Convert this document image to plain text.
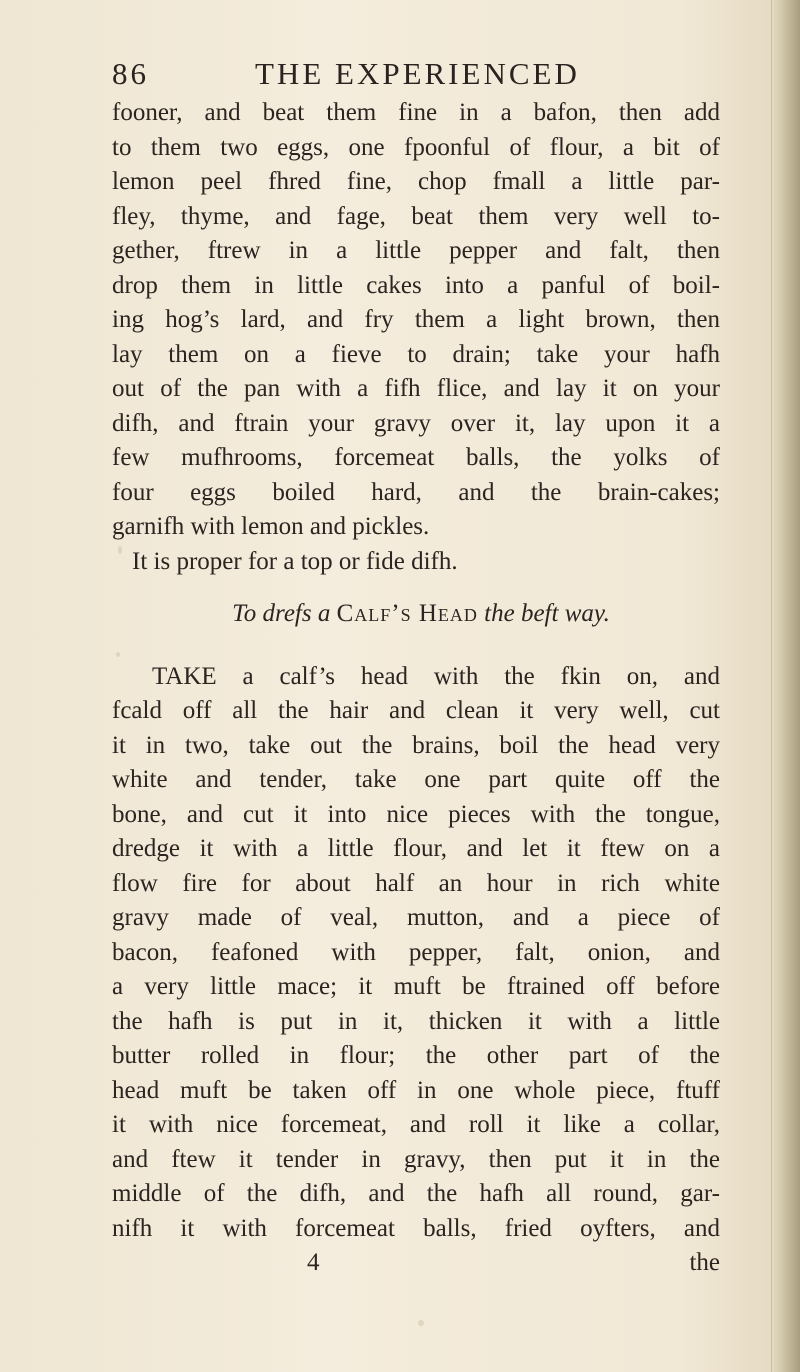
86	THE EXPERIENCED
fooner, and beat them fine in a bafon, then add
to them two eggs, one fpoonful of flour, a bit of
lemon peel fhred fine, chop fmall a little par-
fley, thyme, and fage, beat them very well to-
gether, ftrew in a little pepper and falt, then
drop them in little cakes into a panful of boil-
ing hog’s lard, and fry them a light brown, then
lay them on a fieve to drain; take your hafh
out of the pan with a fifh flice, and lay it on your
difh, and ftrain your gravy over it, lay upon it a
few mufhrooms, forcemeat balls, the yolks of
four eggs boiled hard, and the brain-cakes;
garnifh with lemon and pickles.
It is proper for a top or fide difh.
To drefs a Calf’s Head the beft way.
TAKE a calf’s head with the fkin on, and
fcald off all the hair and clean it very well, cut
it in two, take out the brains, boil the head very
white and tender, take one part quite off the
bone, and cut it into nice pieces with the tongue,
dredge it with a little flour, and let it ftew on a
flow fire for about half an hour in rich white
gravy made of veal, mutton, and a piece of
bacon, feafoned with pepper, falt, onion, and
a very little mace; it muft be ftrained off before
the hafh is put in it, thicken it with a little
butter rolled in flour; the other part of the
head muft be taken off in one whole piece, ftuff
it with nice forcemeat, and roll it like a collar,
and ftew it tender in gravy, then put it in the
middle of the difh, and the hafh all round, gar-
nifh it with forcemeat balls, fried oyfters, and
4	the
